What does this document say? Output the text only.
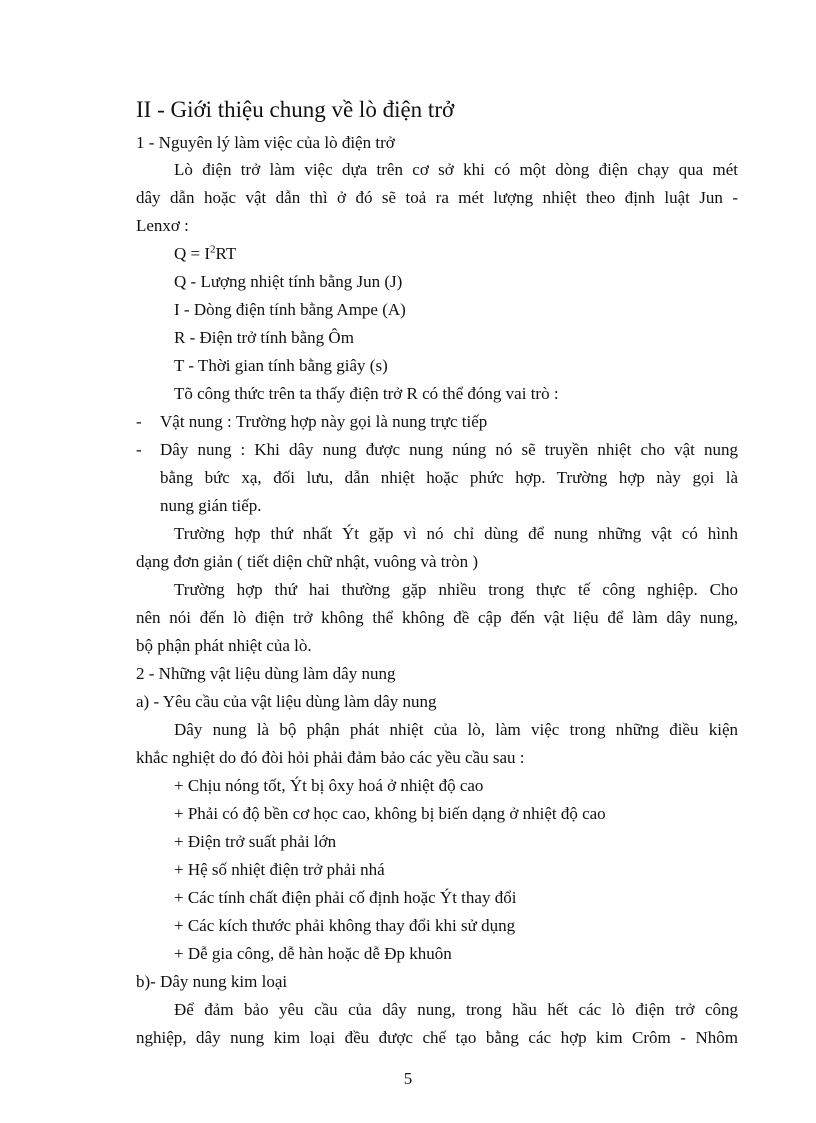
II - Giới thiệu chung về lò điện trở
1 - Nguyên lý làm việc của lò điện trở
Lò điện trở làm việc dựa trên cơ sở khi có một dòng điện chạy qua mét
dây dẫn hoặc vật dẫn thì ở đó sẽ toả ra mét lượng nhiệt theo định luật Jun -
Lenxơ :
$Q = I^2RT$
Q - Lượng nhiệt tính bằng Jun (J)
I - Dòng điện tính bằng Ampe (A)
R - Điện trở tính bằng Ôm
T - Thời gian tính bằng giây (s)
Tõ công thức trên ta thấy điện trở R có thể đóng vai trò :
- Vật nung : Trường hợp này gọi là nung trực tiếp
- Dây nung : Khi dây nung được nung núng nó sẽ truyền nhiệt cho vật nung
bằng bức xạ, đối lưu, dẫn nhiệt hoặc phức hợp. Trường hợp này gọi là
nung gián tiếp.
Trường hợp thứ nhất Ýt gặp vì nó chỉ dùng để nung những vật có hình
dạng đơn giản ( tiết diện chữ nhật, vuông và tròn )
Trường hợp thứ hai thường gặp nhiều trong thực tế công nghiệp. Cho
nên nói đến lò điện trở không thể không đề cập đến vật liệu để làm dây nung,
bộ phận phát nhiệt của lò.
2 - Những vật liệu dùng làm dây nung
a) - Yêu cầu của vật liệu dùng làm dây nung
Dây nung là bộ phận phát nhiệt của lò, làm việc trong những điều kiện
khắc nghiệt do đó đòi hỏi phải đảm bảo các yều cầu sau :
+ Chịu nóng tốt, Ýt bị ôxy hoá ở nhiệt độ cao
+ Phải có độ bền cơ học cao, không bị biến dạng ở nhiệt độ cao
+ Điện trở suất phải lớn
+ Hệ số nhiệt điện trở phải nhá
+ Các tính chất điện phải cố định hoặc Ýt thay đổi
+ Các kích thước phải không thay đổi khi sử dụng
+ Dễ gia công, dễ hàn hoặc dễ Ðp khuôn
b)- Dây nung kim loại
Để đảm bảo yêu cầu của dây nung, trong hầu hết các lò điện trở công
nghiệp, dây nung kim loại đều được chế tạo bằng các hợp kim Crôm - Nhôm
5
